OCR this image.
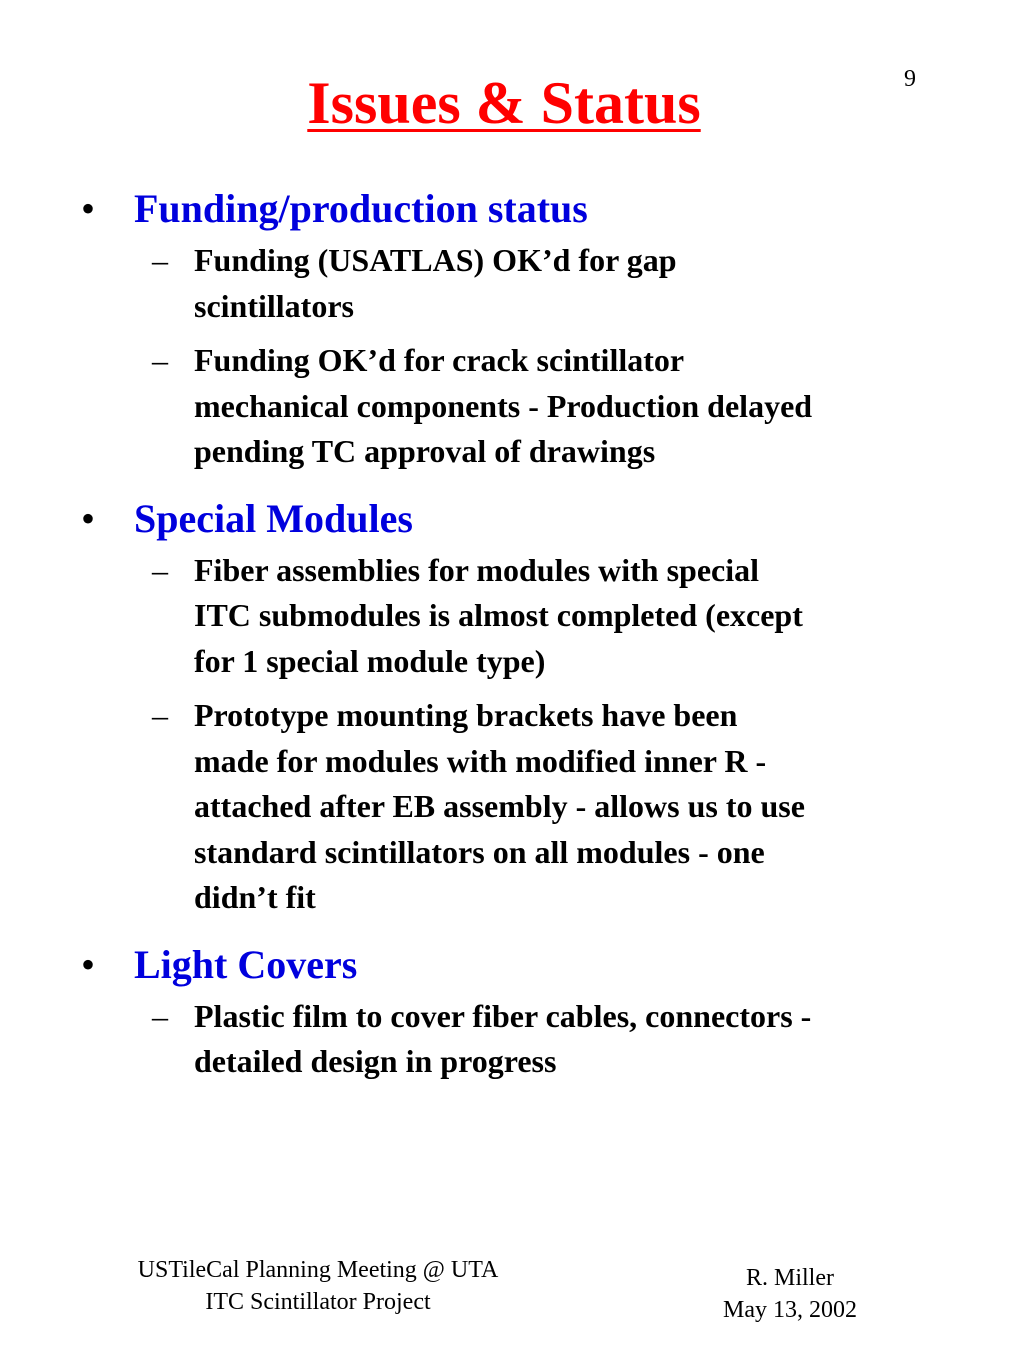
9
Issues & Status
• Funding/production status
– Funding (USATLAS) OK’d for gap
scintillators
– Funding OK’d for crack scintillator
mechanical components - Production delayed
pending TC approval of drawings
• Special Modules
– Fiber assemblies for modules with special
ITC submodules is almost completed (except
for 1 special module type)
– Prototype mounting brackets have been
made for modules with modified inner R -
attached after EB assembly - allows us to use
standard scintillators on all modules - one
didn’t fit
• Light Covers
– Plastic film to cover fiber cables, connectors -
detailed design in progress
USTileCal Planning Meeting @ UTA
ITC Scintillator Project
R. Miller
May 13, 2002
